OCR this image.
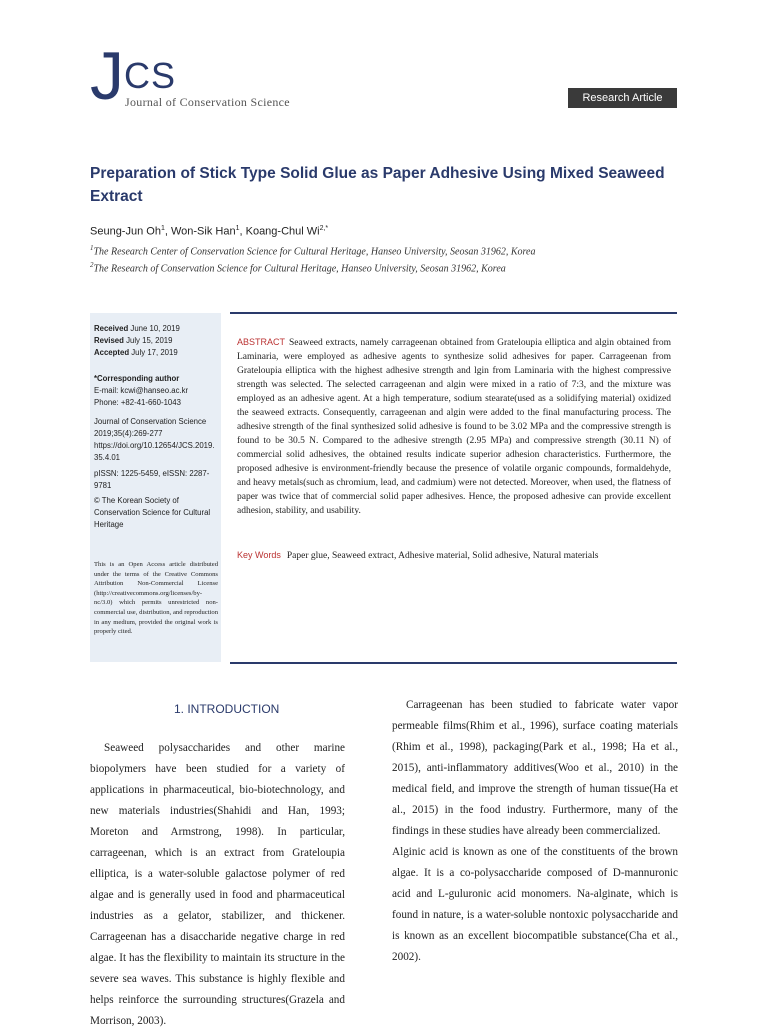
J CS
Journal of Conservation Science	Research Article
Preparation of Stick Type Solid Glue as Paper Adhesive Using Mixed Seaweed Extract
Seung-Jun Oh$^1$, Won-Sik Han$^1$, Koang-Chul $Wi^{2,*}$
$^1$The Research Center of Conservation Science for Cultural Heritage, Hanseo University, Seosan 31962, Korea
$^2$The Research of Conservation Science for Cultural Heritage, Hanseo University, Seosan 31962, Korea
Received June 10, 2019
Revised July 15, 2019
Accepted July 17, 2019
*Corresponding author
E-mail: kcwi@hanseo.ac.kr
Phone: +82-41-660-1043
Journal of Conservation Science 2019;35(4):269-277
https://doi.org/10.12654/JCS.2019.35.4.01
pISSN: 1225-5459, eISSN: 2287-9781
© The Korean Society of Conservation Science for Cultural Heritage
This is an Open Access article distributed under the terms of the Creative Commons Attribution Non-Commercial License (http://creativecommons.org/licenses/by-nc/3.0) which permits unrestricted non-commercial use, distribution, and reproduction in any medium, provided the original work is properly cited.
ABSTRACT Seaweed extracts, namely carrageenan obtained from Grateloupia elliptica and algin obtained from Laminaria, were employed as adhesive agents to synthesize solid adhesives for paper. Carrageenan from Grateloupia elliptica with the highest adhesive strength and lgin from Laminaria with the highest compressive strength was selected. The selected carrageenan and algin were mixed in a ratio of 7:3, and the mixture was employed as an adhesive agent. At a high temperature, sodium stearate(used as a solidifying material) oxidized the seaweed extracts. Consequently, carrageenan and algin were added to the final manufacturing process. The adhesive strength of the final synthesized solid adhesive is found to be 3.02 MPa and the compressive strength is found to be 30.5 N. Compared to the adhesive strength (2.95 MPa) and compressive strength (30.11 N) of commercial solid adhesives, the obtained results indicate superior adhesion characteristics. Furthermore, the proposed adhesive is environment-friendly because the presence of volatile organic compounds, formaldehyde, and heavy metals(such as chromium, lead, and cadmium) were not detected. Moreover, when used, the flatness of paper was twice that of commercial solid paper adhesives. Hence, the proposed adhesive can provide excellent adhesion, stability, and usability.
Key Words Paper glue, Seaweed extract, Adhesive material, Solid adhesive, Natural materials
1. INTRODUCTION
Seaweed polysaccharides and other marine biopolymers have been studied for a variety of applications in pharmaceutical, bio-biotechnology, and new materials industries(Shahidi and Han, 1993; Moreton and Armstrong, 1998). In particular, carrageenan, which is an extract from Grateloupia elliptica, is a water-soluble galactose polymer of red algae and is generally used in food and pharmaceutical industries as a gelator, stabilizer, and thickener. Carrageenan has a disaccharide negative charge in red algae. It has the flexibility to maintain its structure in the severe sea waves. This substance is highly flexible and helps reinforce the surrounding structures(Grazela and Morrison, 2003).
Carrageenan has been studied to fabricate water vapor permeable films(Rhim et al., 1996), surface coating materials (Rhim et al., 1998), packaging(Park et al., 1998; Ha et al., 2015), anti-inflammatory additives(Woo et al., 2010) in the medical field, and improve the strength of human tissue(Ha et al., 2015) in the food industry. Furthermore, many of the findings in these studies have already been commercialized.
Alginic acid is known as one of the constituents of the brown algae. It is a co-polysaccharide composed of D-mannuronic acid and L-guluronic acid monomers. Na-alginate, which is found in nature, is a water-soluble nontoxic polysaccharide and is known as an excellent biocompatible substance(Cha et al., 2002).
